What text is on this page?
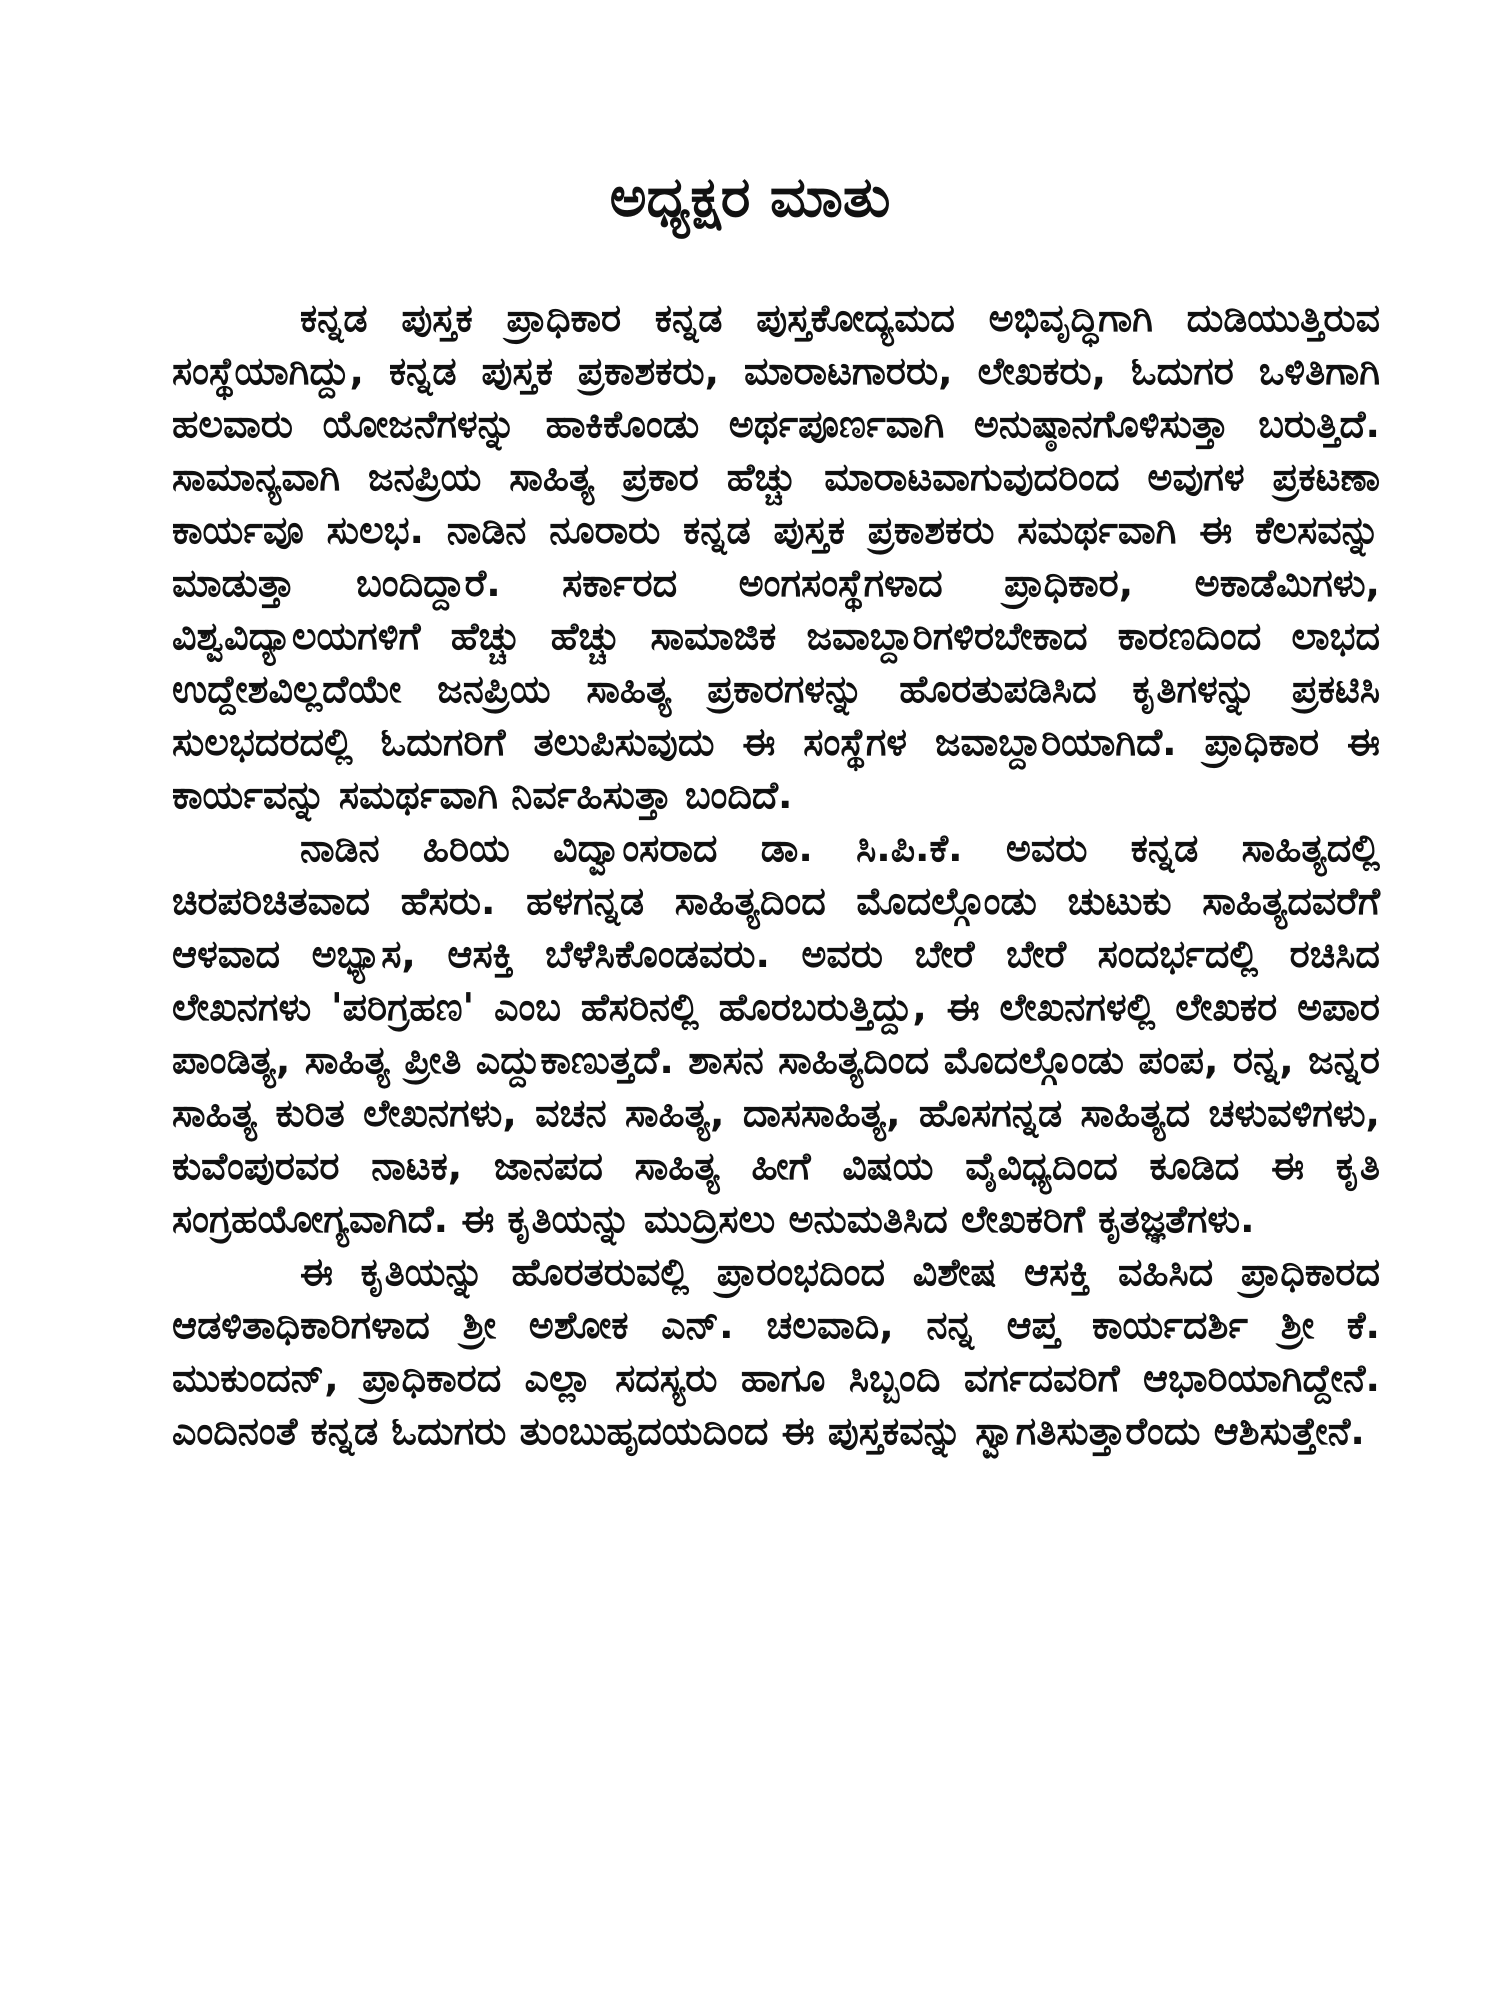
ಅಧ್ಯಕ್ಷರ ಮಾತು

ಕನ್ನಡ ಪುಸ್ತಕ ಪ್ರಾಧಿಕಾರ ಕನ್ನಡ ಪುಸ್ತಕೋದ್ಯಮದ ಅಭಿವೃದ್ಧಿಗಾಗಿ ದುಡಿಯುತ್ತಿರುವ ಸಂಸ್ಥೆಯಾಗಿದ್ದು, ಕನ್ನಡ ಪುಸ್ತಕ ಪ್ರಕಾಶಕರು, ಮಾರಾಟಗಾರರು, ಲೇಖಕರು, ಓದುಗರ ಒಳಿತಿಗಾಗಿ ಹಲವಾರು ಯೋಜನೆಗಳನ್ನು ಹಾಕಿಕೊಂಡು ಅರ್ಥಪೂರ್ಣವಾಗಿ ಅನುಷ್ಠಾನಗೊಳಿಸುತ್ತಾ ಬರುತ್ತಿದೆ. ಸಾಮಾನ್ಯವಾಗಿ ಜನಪ್ರಿಯ ಸಾಹಿತ್ಯ ಪ್ರಕಾರ ಹೆಚ್ಚು ಮಾರಾಟವಾಗುವುದರಿಂದ ಅವುಗಳ ಪ್ರಕಟಣಾ ಕಾರ್ಯವೂ ಸುಲಭ. ನಾಡಿನ ನೂರಾರು ಕನ್ನಡ ಪುಸ್ತಕ ಪ್ರಕಾಶಕರು ಸಮರ್ಥವಾಗಿ ಈ ಕೆಲಸವನ್ನು ಮಾಡುತ್ತಾ ಬಂದಿದ್ದಾರೆ. ಸರ್ಕಾರದ ಅಂಗಸಂಸ್ಥೆಗಳಾದ ಪ್ರಾಧಿಕಾರ, ಅಕಾಡೆಮಿಗಳು, ವಿಶ್ವವಿದ್ಯಾಲಯಗಳಿಗೆ ಹೆಚ್ಚು ಹೆಚ್ಚು ಸಾಮಾಜಿಕ ಜವಾಬ್ದಾರಿಗಳಿರಬೇಕಾದ ಕಾರಣದಿಂದ ಲಾಭದ ಉದ್ದೇಶವಿಲ್ಲದೆಯೇ ಜನಪ್ರಿಯ ಸಾಹಿತ್ಯ ಪ್ರಕಾರಗಳನ್ನು ಹೊರತುಪಡಿಸಿದ ಕೃತಿಗಳನ್ನು ಪ್ರಕಟಿಸಿ ಸುಲಭದರದಲ್ಲಿ ಓದುಗರಿಗೆ ತಲುಪಿಸುವುದು ಈ ಸಂಸ್ಥೆಗಳ ಜವಾಬ್ದಾರಿಯಾಗಿದೆ. ಪ್ರಾಧಿಕಾರ ಈ ಕಾರ್ಯವನ್ನು ಸಮರ್ಥವಾಗಿ ನಿರ್ವಹಿಸುತ್ತಾ ಬಂದಿದೆ.

ನಾಡಿನ ಹಿರಿಯ ವಿದ್ವಾಂಸರಾದ ಡಾ. ಸಿ.ಪಿ.ಕೆ. ಅವರು ಕನ್ನಡ ಸಾಹಿತ್ಯದಲ್ಲಿ ಚಿರಪರಿಚಿತವಾದ ಹೆಸರು. ಹಳಗನ್ನಡ ಸಾಹಿತ್ಯದಿಂದ ಮೊದಲ್ಗೊಂಡು ಚುಟುಕು ಸಾಹಿತ್ಯದವರೆಗೆ ಆಳವಾದ ಅಭ್ಯಾಸ, ಆಸಕ್ತಿ ಬೆಳೆಸಿಕೊಂಡವರು. ಅವರು ಬೇರೆ ಬೇರೆ ಸಂದರ್ಭದಲ್ಲಿ ರಚಿಸಿದ ಲೇಖನಗಳು 'ಪರಿಗ್ರಹಣ' ಎಂಬ ಹೆಸರಿನಲ್ಲಿ ಹೊರಬರುತ್ತಿದ್ದು, ಈ ಲೇಖನಗಳಲ್ಲಿ ಲೇಖಕರ ಅಪಾರ ಪಾಂಡಿತ್ಯ, ಸಾಹಿತ್ಯ ಪ್ರೀತಿ ಎದ್ದುಕಾಣುತ್ತದೆ. ಶಾಸನ ಸಾಹಿತ್ಯದಿಂದ ಮೊದಲ್ಗೊಂಡು ಪಂಪ, ರನ್ನ, ಜನ್ನರ ಸಾಹಿತ್ಯ ಕುರಿತ ಲೇಖನಗಳು, ವಚನ ಸಾಹಿತ್ಯ, ದಾಸಸಾಹಿತ್ಯ, ಹೊಸಗನ್ನಡ ಸಾಹಿತ್ಯದ ಚಳುವಳಿಗಳು, ಕುವೆಂಪುರವರ ನಾಟಕ, ಜಾನಪದ ಸಾಹಿತ್ಯ ಹೀಗೆ ವಿಷಯ ವೈವಿಧ್ಯದಿಂದ ಕೂಡಿದ ಈ ಕೃತಿ ಸಂಗ್ರಹಯೋಗ್ಯವಾಗಿದೆ. ಈ ಕೃತಿಯನ್ನು ಮುದ್ರಿಸಲು ಅನುಮತಿಸಿದ ಲೇಖಕರಿಗೆ ಕೃತಜ್ಞತೆಗಳು.

ಈ ಕೃತಿಯನ್ನು ಹೊರತರುವಲ್ಲಿ ಪ್ರಾರಂಭದಿಂದ ವಿಶೇಷ ಆಸಕ್ತಿ ವಹಿಸಿದ ಪ್ರಾಧಿಕಾರದ ಆಡಳಿತಾಧಿಕಾರಿಗಳಾದ ಶ್ರೀ ಅಶೋಕ ಎನ್. ಚಲವಾದಿ, ನನ್ನ ಆಪ್ತ ಕಾರ್ಯದರ್ಶಿ ಶ್ರೀ ಕೆ. ಮುಕುಂದನ್, ಪ್ರಾಧಿಕಾರದ ಎಲ್ಲಾ ಸದಸ್ಯರು ಹಾಗೂ ಸಿಬ್ಬಂದಿ ವರ್ಗದವರಿಗೆ ಆಭಾರಿಯಾಗಿದ್ದೇನೆ. ಎಂದಿನಂತೆ ಕನ್ನಡ ಓದುಗರು ತುಂಬುಹೃದಯದಿಂದ ಈ ಪುಸ್ತಕವನ್ನು ಸ್ವಾಗತಿಸುತ್ತಾರೆಂದು ಆಶಿಸುತ್ತೇನೆ.
